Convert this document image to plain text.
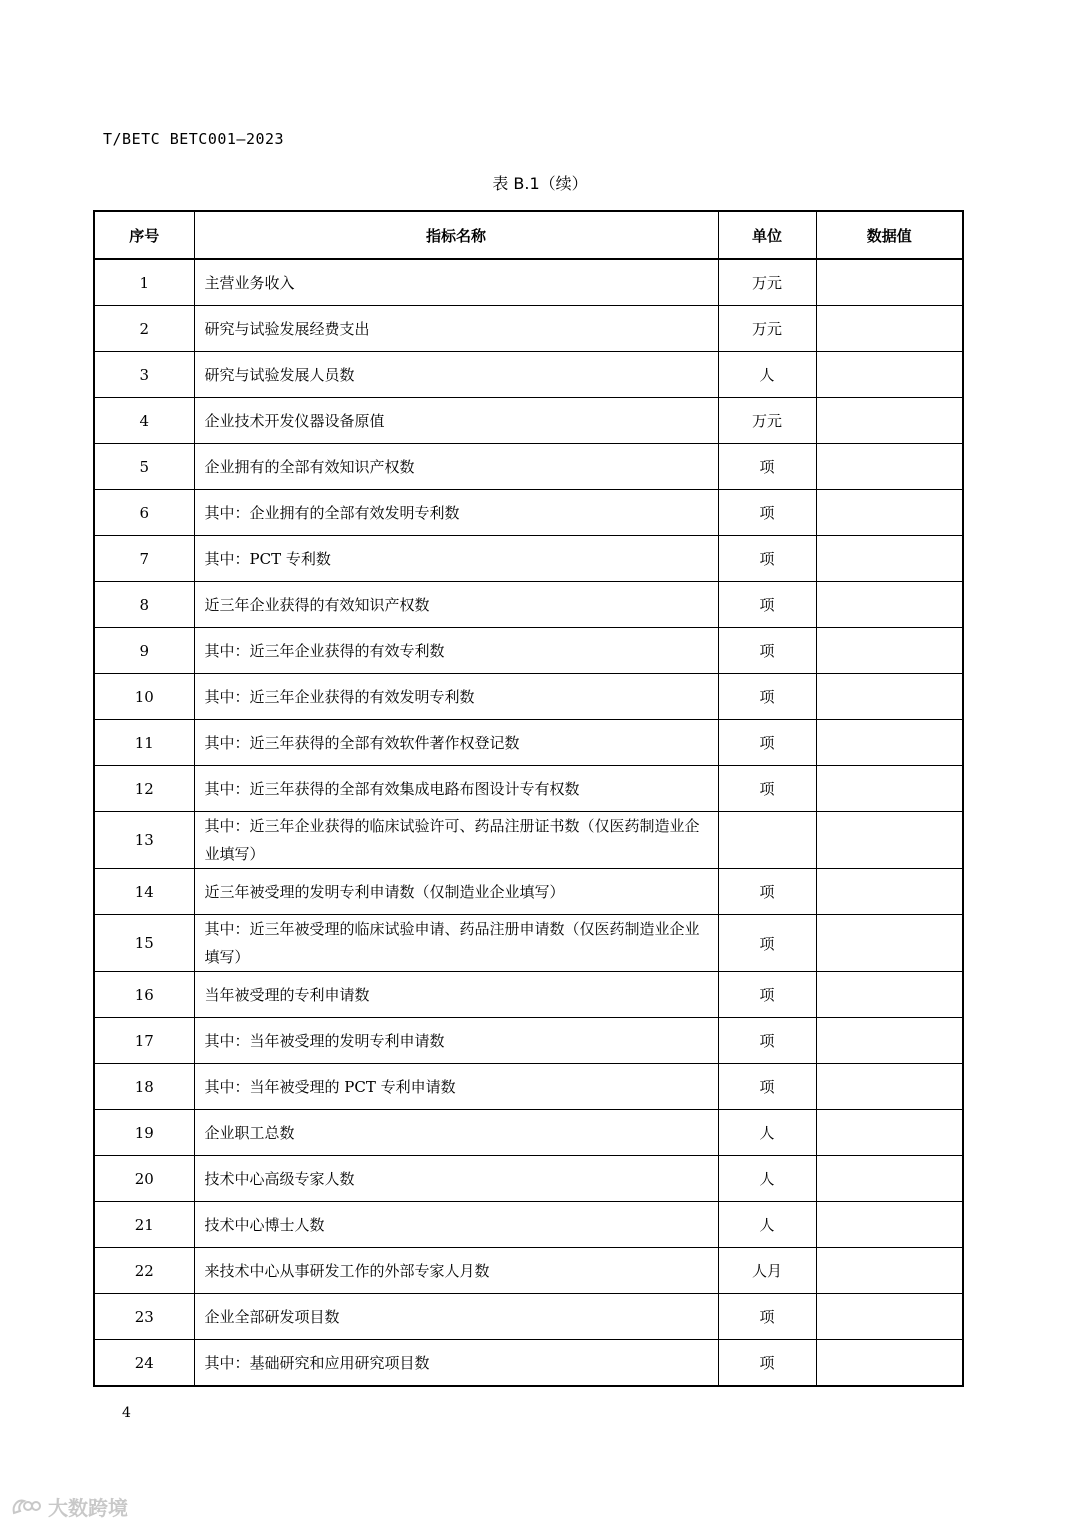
T/BETC BETC001—2023
表 B.1（续）
序号	指标名称	单位	数据值
1	主营业务收入	万元	
2	研究与试验发展经费支出	万元	
3	研究与试验发展人员数	人	
4	企业技术开发仪器设备原值	万元	
5	企业拥有的全部有效知识产权数	项	
6	其中：企业拥有的全部有效发明专利数	项	
7	其中：PCT 专利数	项	
8	近三年企业获得的有效知识产权数	项	
9	其中：近三年企业获得的有效专利数	项	
10	其中：近三年企业获得的有效发明专利数	项	
11	其中：近三年获得的全部有效软件著作权登记数	项	
12	其中：近三年获得的全部有效集成电路布图设计专有权数	项	
13	其中：近三年企业获得的临床试验许可、药品注册证书数（仅医药制造业企业填写）		
14	近三年被受理的发明专利申请数（仅制造业企业填写）	项	
15	其中：近三年被受理的临床试验申请、药品注册申请数（仅医药制造业企业填写）	项	
16	当年被受理的专利申请数	项	
17	其中：当年被受理的发明专利申请数	项	
18	其中：当年被受理的 PCT 专利申请数	项	
19	企业职工总数	人	
20	技术中心高级专家人数	人	
21	技术中心博士人数	人	
22	来技术中心从事研发工作的外部专家人月数	人月	
23	企业全部研发项目数	项	
24	其中：基础研究和应用研究项目数	项	
4
大数跨境
